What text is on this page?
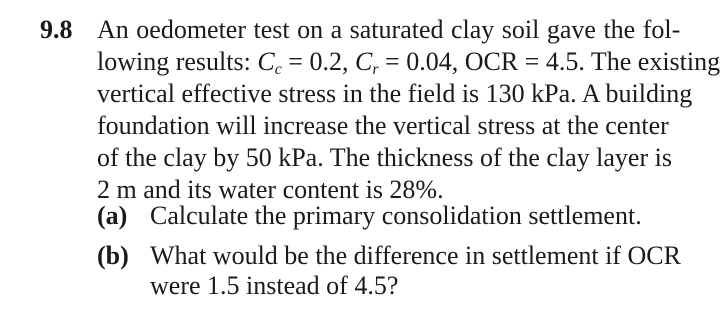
9.8 An oedometer test on a saturated clay soil gave the fol-
lowing results: $C_c = 0.2$, $C_r = 0.04$, OCR = 4.5. The existing
vertical effective stress in the field is 130 kPa. A building
foundation will increase the vertical stress at the center
of the clay by 50 kPa. The thickness of the clay layer is
2 m and its water content is 28%.
(a) Calculate the primary consolidation settlement.
(b) What would be the difference in settlement if OCR
were 1.5 instead of 4.5?
